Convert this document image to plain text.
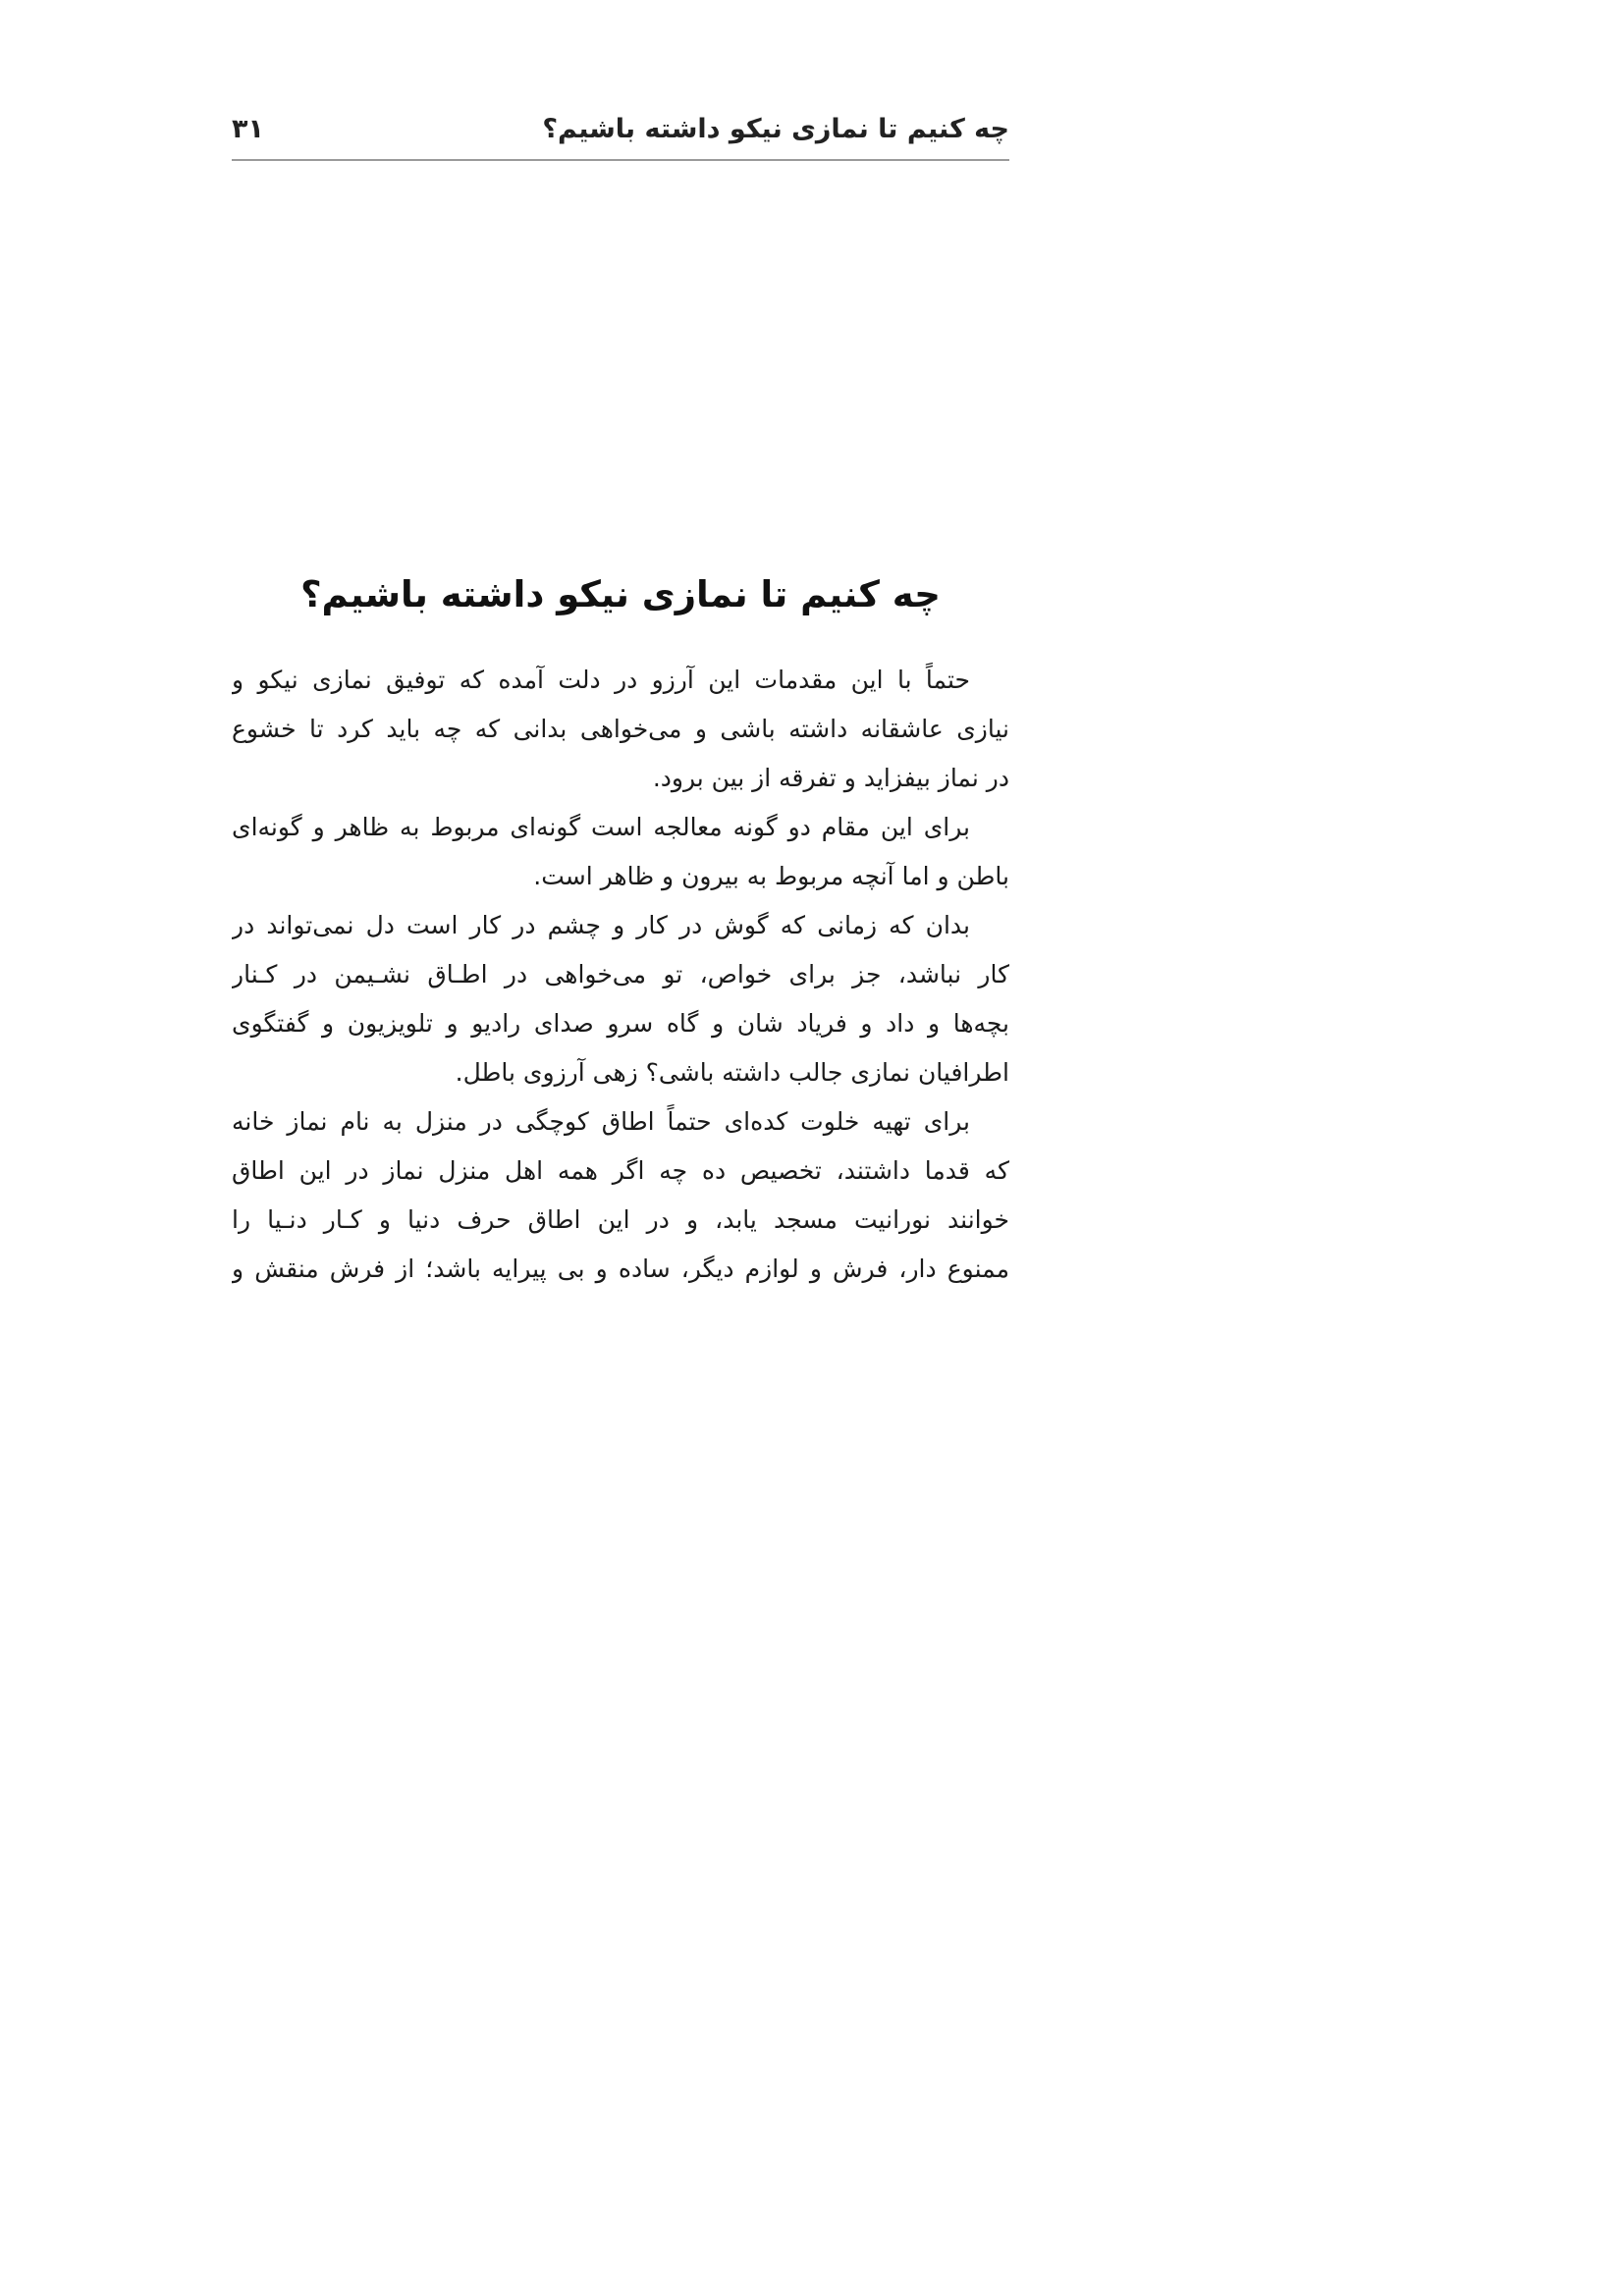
چه کنیم تا نمازی نیکو داشته باشیم؟
۳۱
چه کنیم تا نمازی نیکو داشته باشیم؟
حتماً با این مقدمات این آرزو در دلت آمده که توفیق نمازی نیکو و
نیازی عاشقانه داشته باشی و می‌خواهی بدانی که چه باید کرد تا خشوع
در نماز بیفزاید و تفرقه از بین برود.
برای این مقام دو گونه معالجه است گونه‌ای مربوط به ظاهر و گونه‌ای
باطن و اما آنچه مربوط به بیرون و ظاهر است.
بدان که زمانی که گوش در کار و چشم در کار است دل نمی‌تواند در
کار نباشد، جز برای خواص، تو می‌خواهی در اطـاق نشـیمن در کـنار
بچه‌ها و داد و فریاد شان و گاه سرو صدای رادیو و تلویزیون و گفتگوی
اطرافیان نمازی جالب داشته باشی؟ زهی آرزوی باطل.
برای تهیه خلوت کده‌ای حتماً اطاق کوچگی در منزل به نام نماز خانه
که قدما داشتند، تخصیص ده چه اگر همه اهل منزل نماز در این اطاق
خوانند نورانیت مسجد یابد، و در این اطاق حرف دنیا و کـار دنـیا را
ممنوع دار، فرش و لوازم دیگر، ساده و بی پیرایه باشد؛ از فرش منقش و
